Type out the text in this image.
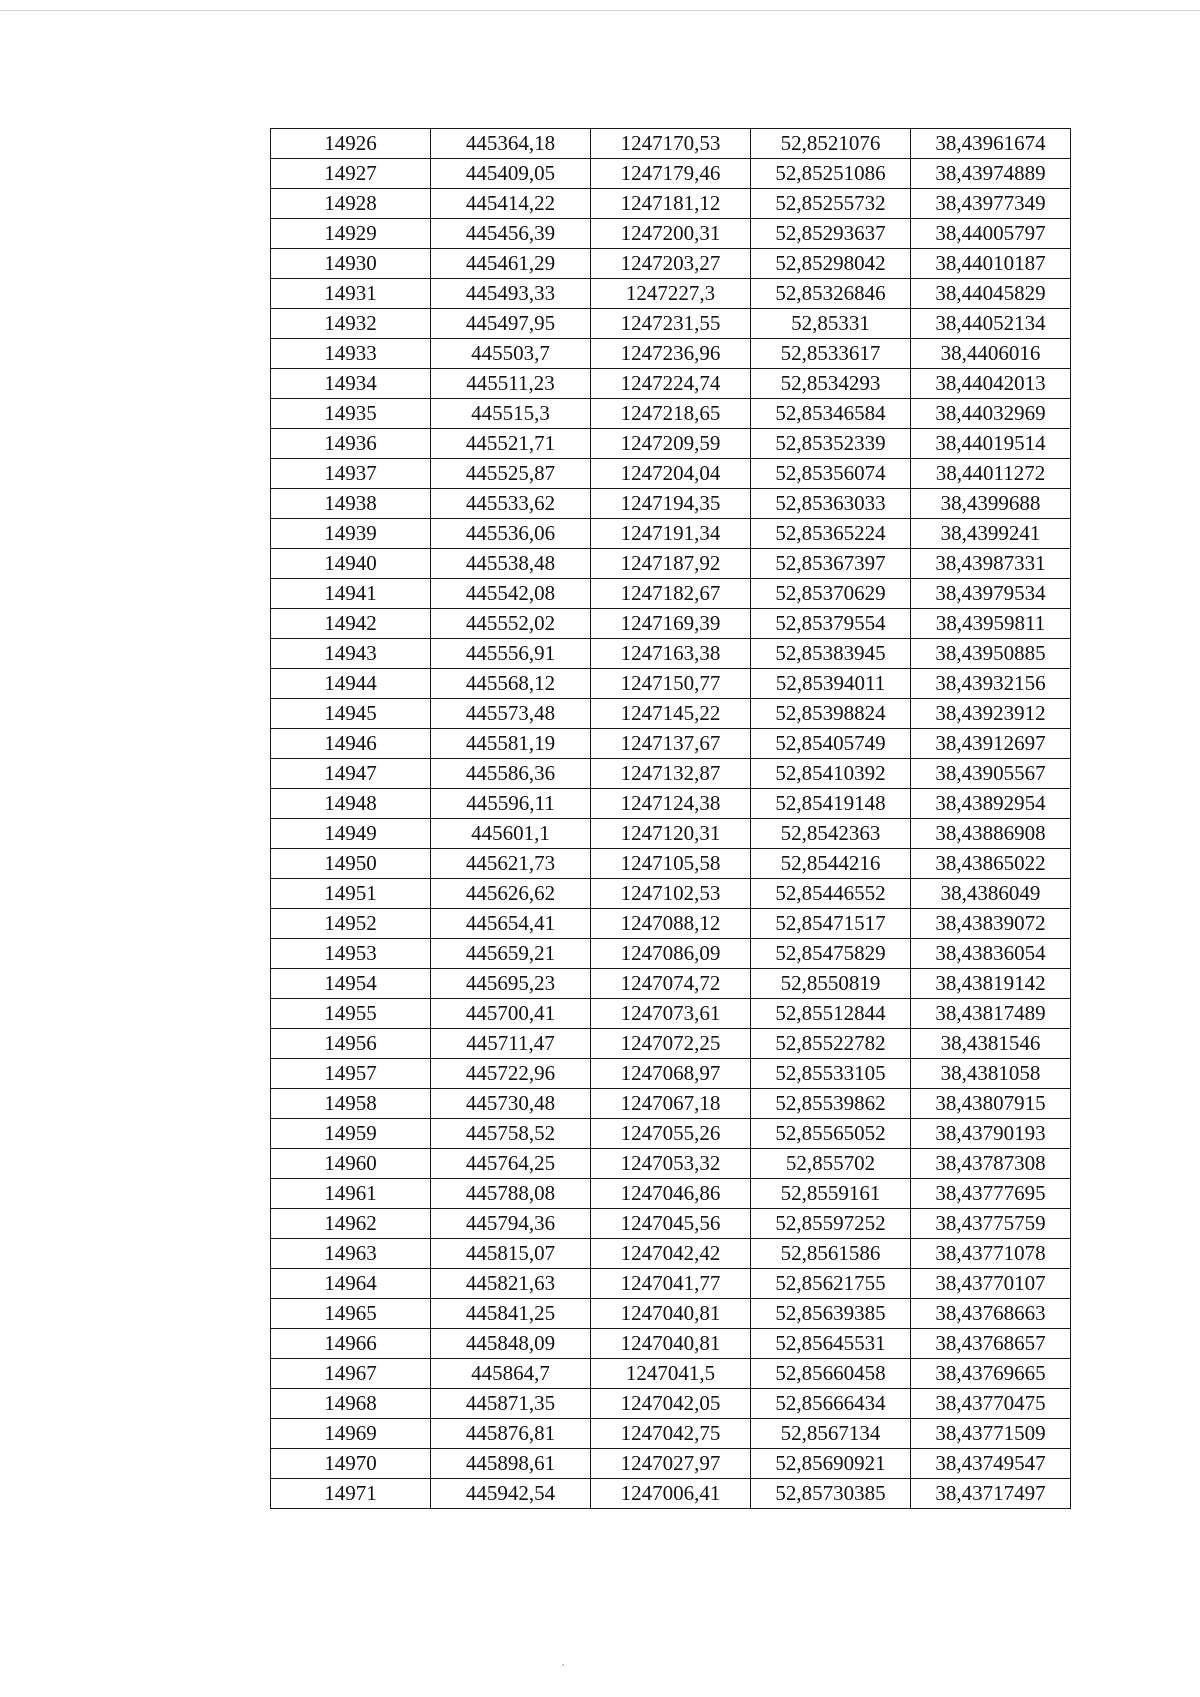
14926	445364,18	1247170,53	52,8521076	38,43961674
14927	445409,05	1247179,46	52,85251086	38,43974889
14928	445414,22	1247181,12	52,85255732	38,43977349
14929	445456,39	1247200,31	52,85293637	38,44005797
14930	445461,29	1247203,27	52,85298042	38,44010187
14931	445493,33	1247227,3	52,85326846	38,44045829
14932	445497,95	1247231,55	52,85331	38,44052134
14933	445503,7	1247236,96	52,8533617	38,4406016
14934	445511,23	1247224,74	52,8534293	38,44042013
14935	445515,3	1247218,65	52,85346584	38,44032969
14936	445521,71	1247209,59	52,85352339	38,44019514
14937	445525,87	1247204,04	52,85356074	38,44011272
14938	445533,62	1247194,35	52,85363033	38,4399688
14939	445536,06	1247191,34	52,85365224	38,4399241
14940	445538,48	1247187,92	52,85367397	38,43987331
14941	445542,08	1247182,67	52,85370629	38,43979534
14942	445552,02	1247169,39	52,85379554	38,43959811
14943	445556,91	1247163,38	52,85383945	38,43950885
14944	445568,12	1247150,77	52,85394011	38,43932156
14945	445573,48	1247145,22	52,85398824	38,43923912
14946	445581,19	1247137,67	52,85405749	38,43912697
14947	445586,36	1247132,87	52,85410392	38,43905567
14948	445596,11	1247124,38	52,85419148	38,43892954
14949	445601,1	1247120,31	52,8542363	38,43886908
14950	445621,73	1247105,58	52,8544216	38,43865022
14951	445626,62	1247102,53	52,85446552	38,4386049
14952	445654,41	1247088,12	52,85471517	38,43839072
14953	445659,21	1247086,09	52,85475829	38,43836054
14954	445695,23	1247074,72	52,8550819	38,43819142
14955	445700,41	1247073,61	52,85512844	38,43817489
14956	445711,47	1247072,25	52,85522782	38,4381546
14957	445722,96	1247068,97	52,85533105	38,4381058
14958	445730,48	1247067,18	52,85539862	38,43807915
14959	445758,52	1247055,26	52,85565052	38,43790193
14960	445764,25	1247053,32	52,855702	38,43787308
14961	445788,08	1247046,86	52,8559161	38,43777695
14962	445794,36	1247045,56	52,85597252	38,43775759
14963	445815,07	1247042,42	52,8561586	38,43771078
14964	445821,63	1247041,77	52,85621755	38,43770107
14965	445841,25	1247040,81	52,85639385	38,43768663
14966	445848,09	1247040,81	52,85645531	38,43768657
14967	445864,7	1247041,5	52,85660458	38,43769665
14968	445871,35	1247042,05	52,85666434	38,43770475
14969	445876,81	1247042,75	52,8567134	38,43771509
14970	445898,61	1247027,97	52,85690921	38,43749547
14971	445942,54	1247006,41	52,85730385	38,43717497
